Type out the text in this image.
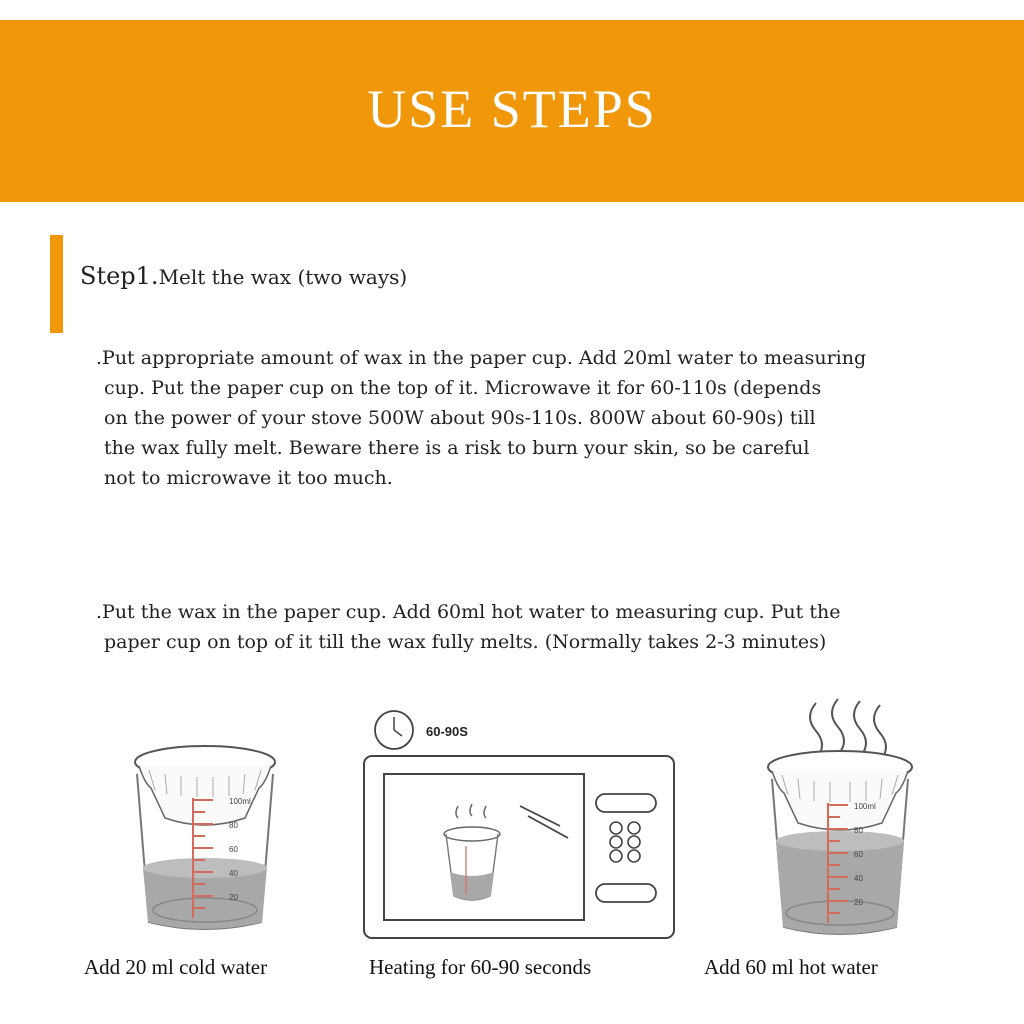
USE STEPS
Step1.Melt the wax (two ways)
.Put appropriate amount of wax in the paper cup. Add 20ml water to measuring
cup. Put the paper cup on the top of it. Microwave it for 60-110s (depends
on the power of your stove 500W about 90s-110s. 800W about 60-90s) till
the wax fully melt. Beware there is a risk to burn your skin, so be careful
not to microwave it too much.
.Put the wax in the paper cup. Add 60ml hot water to measuring cup. Put the
paper cup on top of it till the wax fully melts. (Normally takes 2-3 minutes)
100ml
80
60
40
20
60-90S
100ml
80
60
40
20
Add 20 ml cold water	Heating for 60-90 seconds	Add 60 ml hot water
